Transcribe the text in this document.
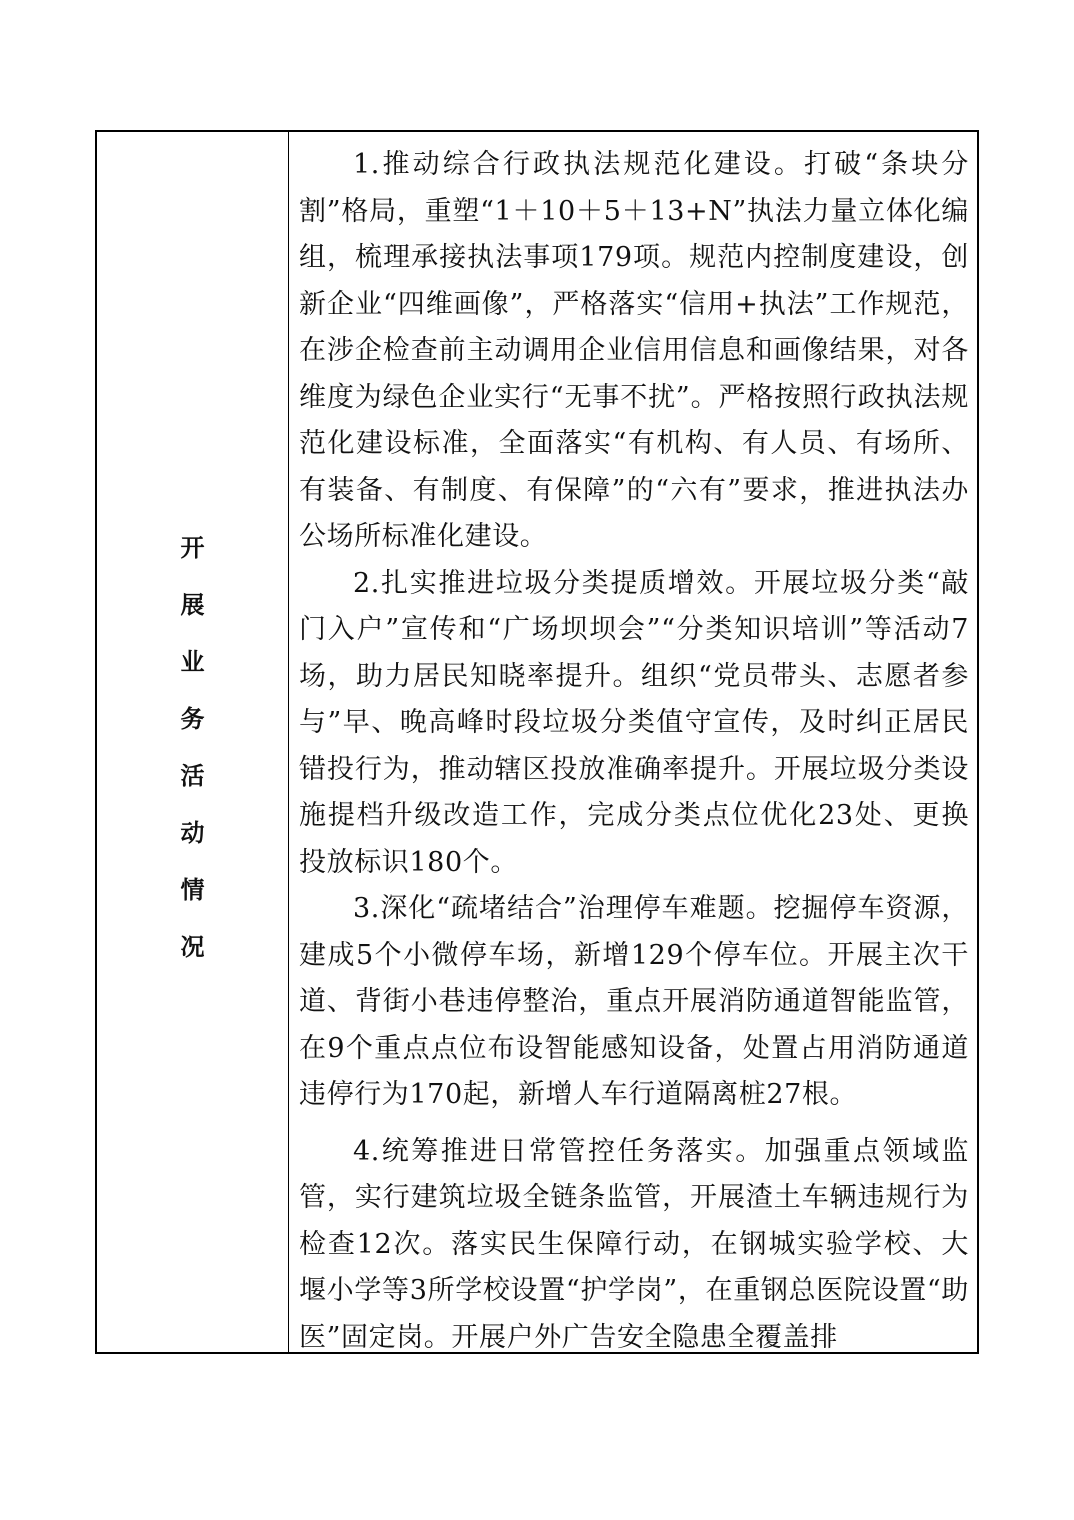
开
展
业
务
活
动
情
况

1.推动综合行政执法规范化建设。打破“条块分割”格局，重塑“1＋10＋5＋13+N”执法力量立体化编组，梳理承接执法事项179项。规范内控制度建设，创新企业“四维画像”，严格落实“信用+执法”工作规范，在涉企检查前主动调用企业信用信息和画像结果，对各维度为绿色企业实行“无事不扰”。严格按照行政执法规范化建设标准，全面落实“有机构、有人员、有场所、有装备、有制度、有保障”的“六有”要求，推进执法办公场所标准化建设。

2.扎实推进垃圾分类提质增效。开展垃圾分类“敲门入户”宣传和“广场坝坝会”“分类知识培训”等活动7场，助力居民知晓率提升。组织“党员带头、志愿者参与”早、晚高峰时段垃圾分类值守宣传，及时纠正居民错投行为，推动辖区投放准确率提升。开展垃圾分类设施提档升级改造工作，完成分类点位优化23处、更换投放标识180个。

3.深化“疏堵结合”治理停车难题。挖掘停车资源，建成5个小微停车场，新增129个停车位。开展主次干道、背街小巷违停整治，重点开展消防通道智能监管，在9个重点点位布设智能感知设备，处置占用消防通道违停行为170起，新增人车行道隔离桩27根。

4.统筹推进日常管控任务落实。加强重点领域监管，实行建筑垃圾全链条监管，开展渣土车辆违规行为检查12次。落实民生保障行动，在钢城实验学校、大堰小学等3所学校设置“护学岗”，在重钢总医院设置“助医”固定岗。开展户外广告安全隐患全覆盖排
